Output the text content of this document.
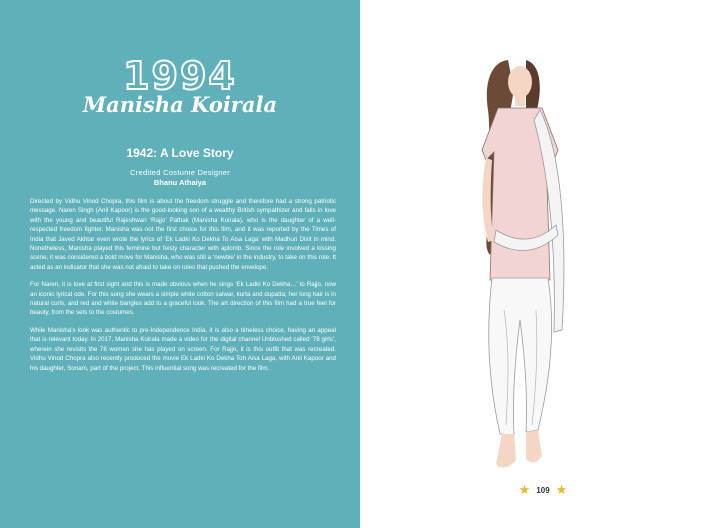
1994
Manisha Koirala
1942: A Love Story
Credited Costume Designer
Bhanu Athaiya

Directed by Vidhu Vinod Chopra, this film is about the freedom struggle and therefore had a strong patriotic message. Naren Singh (Anil Kapoor) is the good-looking son of a wealthy British sympathizer and falls in love with the young and beautiful Rajeshwari ‘Rajjo’ Pathak (Manisha Koirala), who is the daughter of a well-respected freedom fighter. Manisha was not the first choice for this film, and it was reported by the Times of India that Javed Akhtar even wrote the lyrics of ‘Ek Ladki Ko Dekha To Aisa Laga’ with Madhuri Dixit in mind. Nonetheless, Manisha played this feminine but feisty character with aplomb. Since the role involved a kissing scene, it was considered a bold move for Manisha, who was still a ‘newbie’ in the industry, to take on this role. It acted as an indicator that she was not afraid to take on roles that pushed the envelope.

For Naren, it is love at first sight and this is made obvious when he sings ‘Ek Ladki Ko Dekha…’ to Rajjo, now an iconic lyrical ode. For this song she wears a simple white cotton salwar, kurta and dupatta; her long hair is in natural curls, and red and white bangles add to a graceful look. The art direction of this film had a true feel for beauty, from the sets to the costumes.

While Manisha’s look was authentic to pre-Independence India, it is also a timeless choice, having an appeal that is relevant today. In 2017, Manisha Koirala made a video for the digital channel Unblushed called ‘78 girls’, wherein she revisits the 78 women she has played on screen. For Rajjo, it is this outfit that was recreated. Vidhu Vinod Chopra also recently produced the movie Ek Ladki Ko Dekha Toh Aisa Laga, with Anil Kapoor and his daughter, Sonam, part of the project. This influential song was recreated for the film.

★ 109 ★
